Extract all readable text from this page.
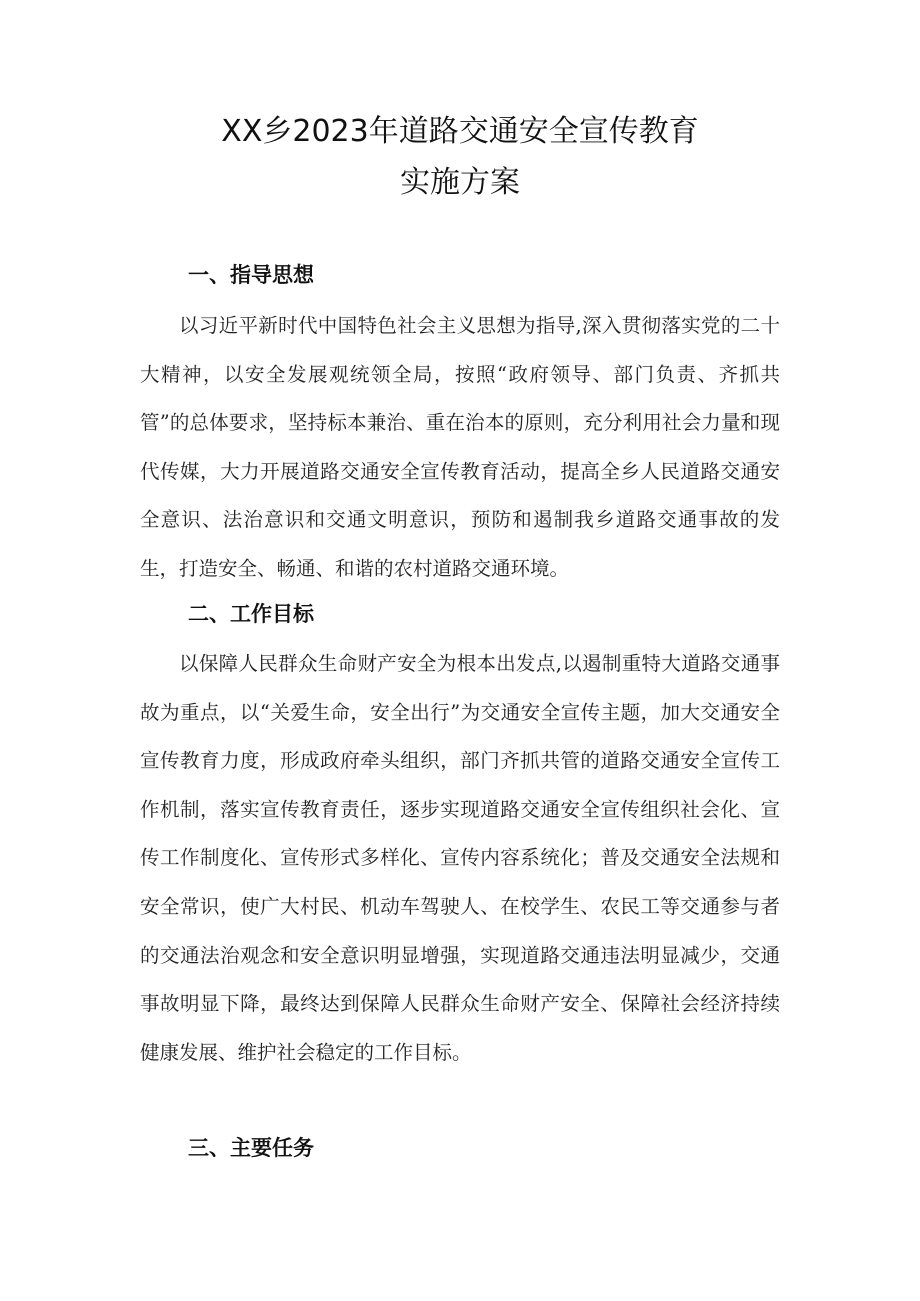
XX乡2023年道路交通安全宣传教育
实施方案
一、指导思想

以习近平新时代中国特色社会主义思想为指导,深入贯彻落实党的二十大精神，以安全发展观统领全局，按照“政府领导、部门负责、齐抓共管”的总体要求，坚持标本兼治、重在治本的原则，充分利用社会力量和现代传媒，大力开展道路交通安全宣传教育活动，提高全乡人民道路交通安全意识、法治意识和交通文明意识，预防和遏制我乡道路交通事故的发生，打造安全、畅通、和谐的农村道路交通环境。

二、工作目标

以保障人民群众生命财产安全为根本出发点,以遏制重特大道路交通事故为重点，以“关爱生命，安全出行”为交通安全宣传主题，加大交通安全宣传教育力度，形成政府牵头组织，部门齐抓共管的道路交通安全宣传工作机制，落实宣传教育责任，逐步实现道路交通安全宣传组织社会化、宣传工作制度化、宣传形式多样化、宣传内容系统化；普及交通安全法规和安全常识，使广大村民、机动车驾驶人、在校学生、农民工等交通参与者的交通法治观念和安全意识明显增强，实现道路交通违法明显减少，交通事故明显下降，最终达到保障人民群众生命财产安全、保障社会经济持续健康发展、维护社会稳定的工作目标。

三、主要任务
